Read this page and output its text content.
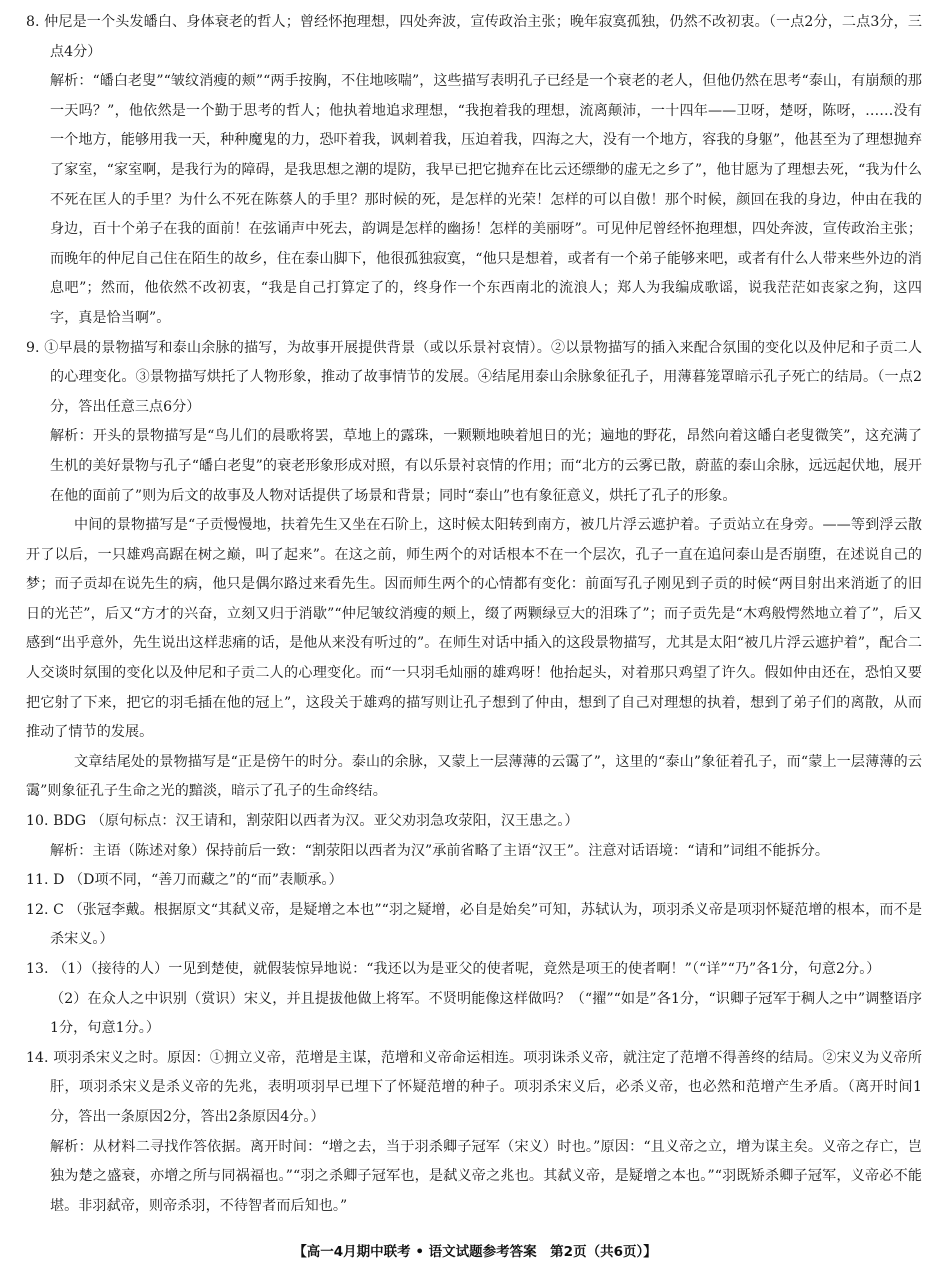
8. 仲尼是一个头发皤白、身体衰老的哲人；曾经怀抱理想，四处奔波，宣传政治主张；晚年寂寞孤独，仍然不改初衷。（一点2分，二点3分，三点4分）

解析：“皤白老叟”“皱纹消瘦的颊”“两手按胸，不住地咳喘”，这些描写表明孔子已经是一个衰老的老人，但他仍然在思考“泰山，有崩颓的那一天吗？”，他依然是一个勤于思考的哲人；他执着地追求理想，“我抱着我的理想，流离颠沛，一十四年——卫呀，楚呀，陈呀，……没有一个地方，能够用我一天，种种魔鬼的力，恐吓着我，讽刺着我，压迫着我，四海之大，没有一个地方，容我的身躯”，他甚至为了理想抛弃了家室，“家室啊，是我行为的障碍，是我思想之潮的堤防，我早已把它抛弃在比云还缥缈的虚无之乡了”，他甘愿为了理想去死，“我为什么不死在匡人的手里？为什么不死在陈蔡人的手里？那时候的死，是怎样的光荣！怎样的可以自傲！那个时候，颜回在我的身边，仲由在我的身边，百十个弟子在我的面前！在弦诵声中死去，韵调是怎样的幽扬！怎样的美丽呀”。可见仲尼曾经怀抱理想，四处奔波，宣传政治主张；而晚年的仲尼自己住在陌生的故乡，住在泰山脚下，他很孤独寂寞，“他只是想着，或者有一个弟子能够来吧，或者有什么人带来些外边的消息吧”；然而，他依然不改初衷，“我是自己打算定了的，终身作一个东西南北的流浪人；郑人为我编成歌谣，说我茫茫如丧家之狗，这四字，真是恰当啊”。

9. ①早晨的景物描写和泰山余脉的描写，为故事开展提供背景（或以乐景衬哀情）。②以景物描写的插入来配合氛围的变化以及仲尼和子贡二人的心理变化。③景物描写烘托了人物形象，推动了故事情节的发展。④结尾用泰山余脉象征孔子，用薄暮笼罩暗示孔子死亡的结局。（一点2分，答出任意三点6分）

解析：开头的景物描写是“鸟儿们的晨歌将罢，草地上的露珠，一颗颗地映着旭日的光；遍地的野花，昂然向着这皤白老叟微笑”，这充满了生机的美好景物与孔子“皤白老叟”的衰老形象形成对照，有以乐景衬哀情的作用；而“北方的云雾已散，蔚蓝的泰山余脉，远远起伏地，展开在他的面前了”则为后文的故事及人物对话提供了场景和背景；同时“泰山”也有象征意义，烘托了孔子的形象。

中间的景物描写是“子贡慢慢地，扶着先生又坐在石阶上，这时候太阳转到南方，被几片浮云遮护着。子贡站立在身旁。——等到浮云散开了以后，一只雄鸡高踞在树之巅，叫了起来”。在这之前，师生两个的对话根本不在一个层次，孔子一直在追问泰山是否崩堕，在述说自己的梦；而子贡却在说先生的病，他只是偶尔路过来看先生。因而师生两个的心情都有变化：前面写孔子刚见到子贡的时候“两目射出来消逝了的旧日的光芒”，后又“方才的兴奋，立刻又归于消歇”“仲尼皱纹消瘦的颊上，缀了两颗绿豆大的泪珠了”；而子贡先是“木鸡般愕然地立着了”，后又感到“出乎意外，先生说出这样悲痛的话，是他从来没有听过的”。在师生对话中插入的这段景物描写，尤其是太阳“被几片浮云遮护着”，配合二人交谈时氛围的变化以及仲尼和子贡二人的心理变化。而“一只羽毛灿丽的雄鸡呀！他抬起头，对着那只鸡望了许久。假如仲由还在，恐怕又要把它射了下来，把它的羽毛插在他的冠上”，这段关于雄鸡的描写则让孔子想到了仲由，想到了自己对理想的执着，想到了弟子们的离散，从而推动了情节的发展。

文章结尾处的景物描写是“正是傍午的时分。泰山的余脉，又蒙上一层薄薄的云霭了”，这里的“泰山”象征着孔子，而“蒙上一层薄薄的云霭”则象征孔子生命之光的黯淡，暗示了孔子的生命终结。

10. BDG （原句标点：汉王请和，割荥阳以西者为汉。亚父劝羽急攻荥阳，汉王患之。）

解析：主语（陈述对象）保持前后一致：“割荥阳以西者为汉”承前省略了主语“汉王”。注意对话语境：“请和”词组不能拆分。

11. D （D项不同，“善刀而藏之”的“而”表顺承。）

12. C （张冠李戴。根据原文“其弑义帝，是疑增之本也”“羽之疑增，必自是始矣”可知，苏轼认为，项羽杀义帝是项羽怀疑范增的根本，而不是杀宋义。）

13. （1）（接待的人）一见到楚使，就假装惊异地说：“我还以为是亚父的使者呢，竟然是项王的使者啊！”（“详”“乃”各1分，句意2分。）

（2）在众人之中识别（赏识）宋义，并且提拔他做上将军。不贤明能像这样做吗？（“擢”“如是”各1分，“识卿子冠军于稠人之中”调整语序1分，句意1分。）

14. 项羽杀宋义之时。原因：①拥立义帝，范增是主谋，范增和义帝命运相连。项羽诛杀义帝，就注定了范增不得善终的结局。②宋义为义帝所肝，项羽杀宋义是杀义帝的先兆，表明项羽早已埋下了怀疑范增的种子。项羽杀宋义后，必杀义帝，也必然和范增产生矛盾。（离开时间1分，答出一条原因2分，答出2条原因4分。）

解析：从材料二寻找作答依据。离开时间：“增之去，当于羽杀卿子冠军（宋义）时也。”原因：“且义帝之立，增为谋主矣。义帝之存亡，岂独为楚之盛衰，亦增之所与同祸福也。”“羽之杀卿子冠军也，是弑义帝之兆也。其弑义帝，是疑增之本也。”“羽既矫杀卿子冠军，义帝必不能堪。非羽弑帝，则帝杀羽，不待智者而后知也。”

【高一4月期中联考 • 语文试题参考答案　第2页（共6页）】
